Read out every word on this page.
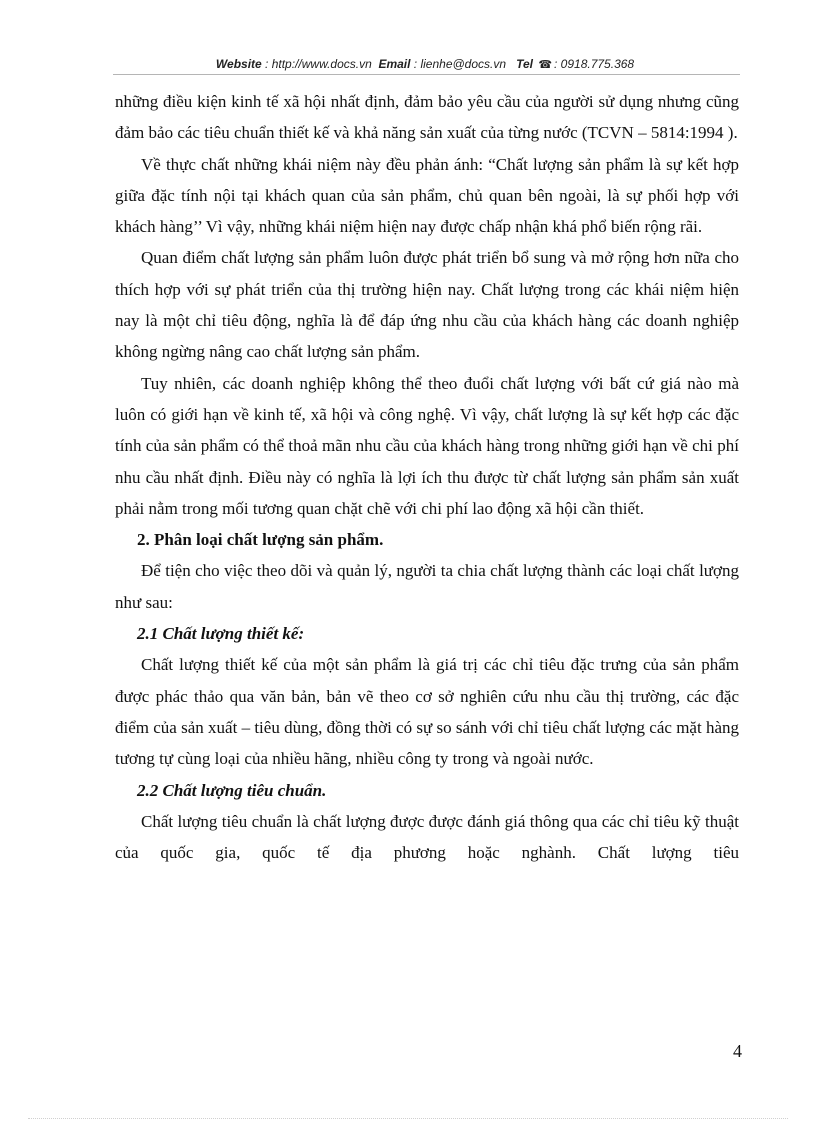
Website : http://www.docs.vn Email : lienhe@docs.vn Tel ☎ : 0918.775.368

những điều kiện kinh tế xã hội nhất định, đảm bảo yêu cầu của người sử dụng nhưng cũng đảm bảo các tiêu chuẩn thiết kế và khả năng sản xuất của từng nước (TCVN – 5814:1994 ).

Về thực chất những khái niệm này đều phản ánh: “Chất lượng sản phẩm là sự kết hợp giữa đặc tính nội tại khách quan của sản phẩm, chủ quan bên ngoài, là sự phối hợp với khách hàng’’ Vì vậy, những khái niệm hiện nay được chấp nhận khá phổ biến rộng rãi.

Quan điểm chất lượng sản phẩm luôn được phát triển bổ sung và mở rộng hơn nữa cho thích hợp với sự phát triển của thị trường hiện nay. Chất lượng trong các khái niệm hiện nay là một chỉ tiêu động, nghĩa là để đáp ứng nhu cầu của khách hàng các doanh nghiệp không ngừng nâng cao chất lượng sản phẩm.

Tuy nhiên, các doanh nghiệp không thể theo đuổi chất lượng với bất cứ giá nào mà luôn có giới hạn về kinh tế, xã hội và công nghệ. Vì vậy, chất lượng là sự kết hợp các đặc tính của sản phẩm có thể thoả mãn nhu cầu của khách hàng trong những giới hạn về chi phí nhu cầu nhất định. Điều này có nghĩa là lợi ích thu được từ chất lượng sản phẩm sản xuất phải nằm trong mối tương quan chặt chẽ với chi phí lao động xã hội cần thiết.

2. Phân loại chất lượng sản phẩm.

Để tiện cho việc theo dõi và quản lý, người ta chia chất lượng thành các loại chất lượng như sau:

2.1 Chất lượng thiết kế:

Chất lượng thiết kế của một sản phẩm là giá trị các chỉ tiêu đặc trưng của sản phẩm được phác thảo qua văn bản, bản vẽ theo cơ sở nghiên cứu nhu cầu thị trường, các đặc điểm của sản xuất – tiêu dùng, đồng thời có sự so sánh với chỉ tiêu chất lượng các mặt hàng tương tự cùng loại của nhiều hãng, nhiều công ty trong và ngoài nước.

2.2 Chất lượng tiêu chuẩn.

Chất lượng tiêu chuẩn là chất lượng được được đánh giá thông qua các chỉ tiêu kỹ thuật của quốc gia, quốc tế địa phương hoặc nghành. Chất lượng tiêu

4
